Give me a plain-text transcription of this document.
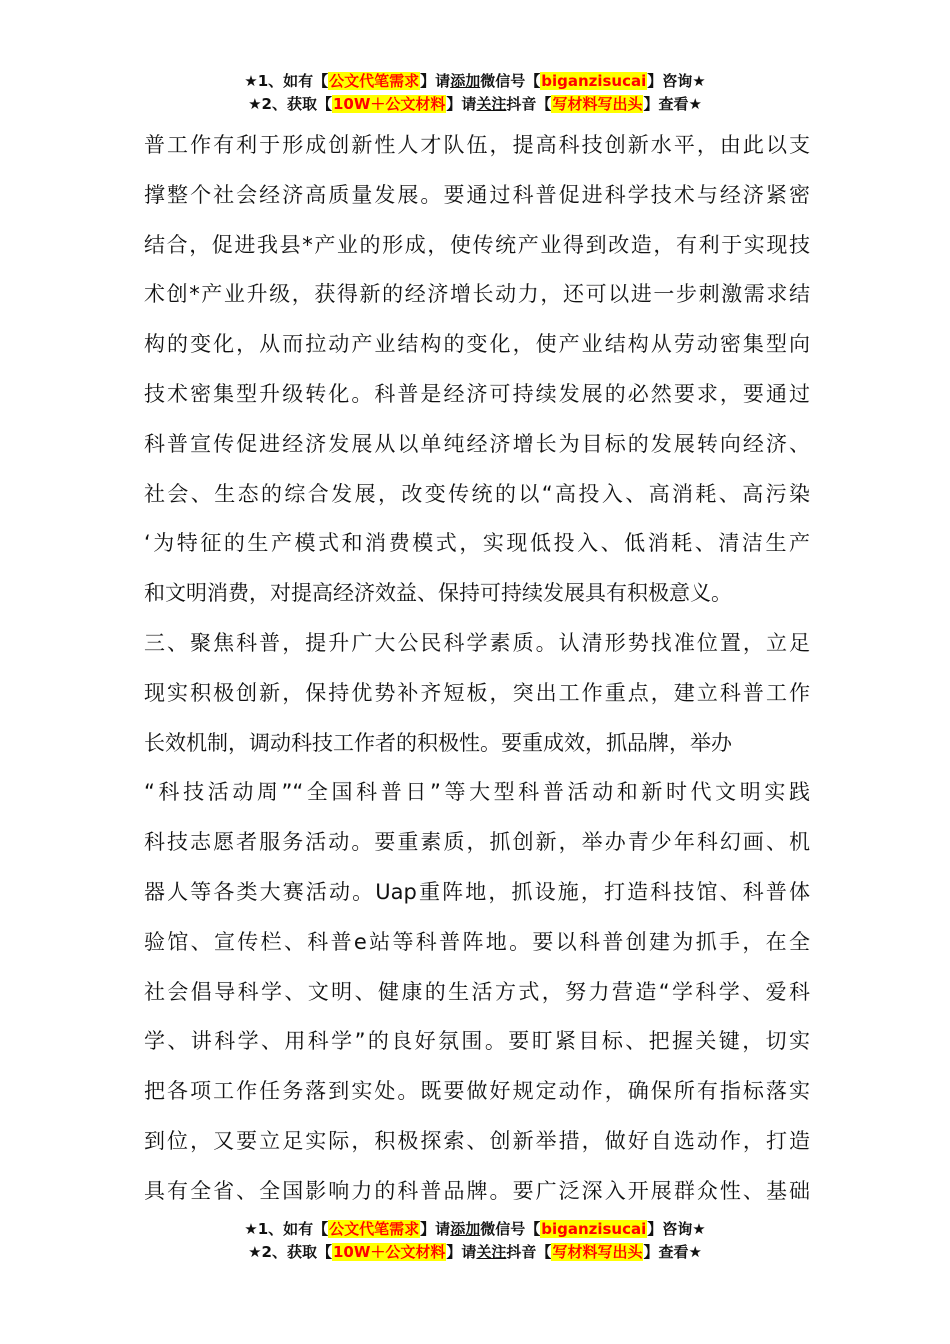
★1、如有【公文代笔需求】请添加微信号【biganzisucai】咨询★
★2、获取【10W＋公文材料】请关注抖音【写材料写出头】查看★
普工作有利于形成创新性人才队伍，提高科技创新水平，由此以支
撑整个社会经济高质量发展。要通过科普促进科学技术与经济紧密
结合，促进我县*产业的形成，使传统产业得到改造，有利于实现技
术创*产业升级，获得新的经济增长动力，还可以进一步刺激需求结
构的变化，从而拉动产业结构的变化，使产业结构从劳动密集型向
技术密集型升级转化。科普是经济可持续发展的必然要求，要通过
科普宣传促进经济发展从以单纯经济增长为目标的发展转向经济、
社会、生态的综合发展，改变传统的以“高投入、高消耗、高污染
‘为特征的生产模式和消费模式，实现低投入、低消耗、清洁生产
和文明消费，对提高经济效益、保持可持续发展具有积极意义。
三、聚焦科普，提升广大公民科学素质。认清形势找准位置，立足
现实积极创新，保持优势补齐短板，突出工作重点，建立科普工作
长效机制，调动科技工作者的积极性。要重成效，抓品牌，举办
“科技活动周”“全国科普日”等大型科普活动和新时代文明实践
科技志愿者服务活动。要重素质，抓创新，举办青少年科幻画、机
器人等各类大赛活动。Uap重阵地，抓设施，打造科技馆、科普体
验馆、宣传栏、科普e站等科普阵地。要以科普创建为抓手，在全
社会倡导科学、文明、健康的生活方式，努力营造“学科学、爱科
学、讲科学、用科学”的良好氛围。要盯紧目标、把握关键，切实
把各项工作任务落到实处。既要做好规定动作，确保所有指标落实
到位，又要立足实际，积极探索、创新举措，做好自选动作，打造
具有全省、全国影响力的科普品牌。要广泛深入开展群众性、基础
★1、如有【公文代笔需求】请添加微信号【biganzisucai】咨询★
★2、获取【10W＋公文材料】请关注抖音【写材料写出头】查看★
